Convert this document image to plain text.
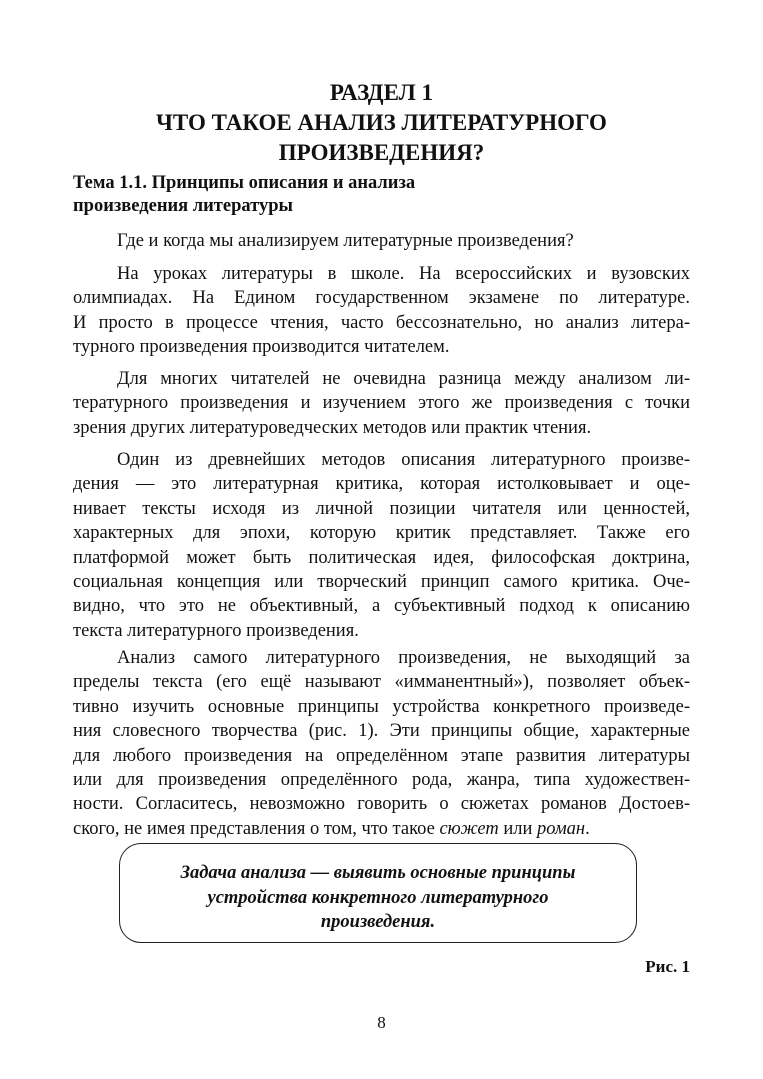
РАЗДЕЛ 1
ЧТО ТАКОЕ АНАЛИЗ ЛИТЕРАТУРНОГО
ПРОИЗВЕДЕНИЯ?
Тема 1.1. Принципы описания и анализа
произведения литературы
Где и когда мы анализируем литературные произведения?
На уроках литературы в школе. На всероссийских и вузовских
олимпиадах. На Едином государственном экзамене по литературе.
И просто в процессе чтения, часто бессознательно, но анализ литера-
турного произведения производится читателем.
Для многих читателей не очевидна разница между анализом ли-
тературного произведения и изучением этого же произведения с точки
зрения других литературоведческих методов или практик чтения.
Один из древнейших методов описания литературного произве-
дения — это литературная критика, которая истолковывает и оце-
нивает тексты исходя из личной позиции читателя или ценностей,
характерных для эпохи, которую критик представляет. Также его
платформой может быть политическая идея, философская доктрина,
социальная концепция или творческий принцип самого критика. Оче-
видно, что это не объективный, а субъективный подход к описанию
текста литературного произведения.
Анализ самого литературного произведения, не выходящий за
пределы текста (его ещё называют «имманентный»), позволяет объек-
тивно изучить основные принципы устройства конкретного произведе-
ния словесного творчества (рис. 1). Эти принципы общие, характерные
для любого произведения на определённом этапе развития литературы
или для произведения определённого рода, жанра, типа художествен-
ности. Согласитесь, невозможно говорить о сюжетах романов Достоев-
ского, не имея представления о том, что такое сюжет или роман.
Задача анализа — выявить основные принципы
устройства конкретного литературного
произведения.
Рис. 1
8
